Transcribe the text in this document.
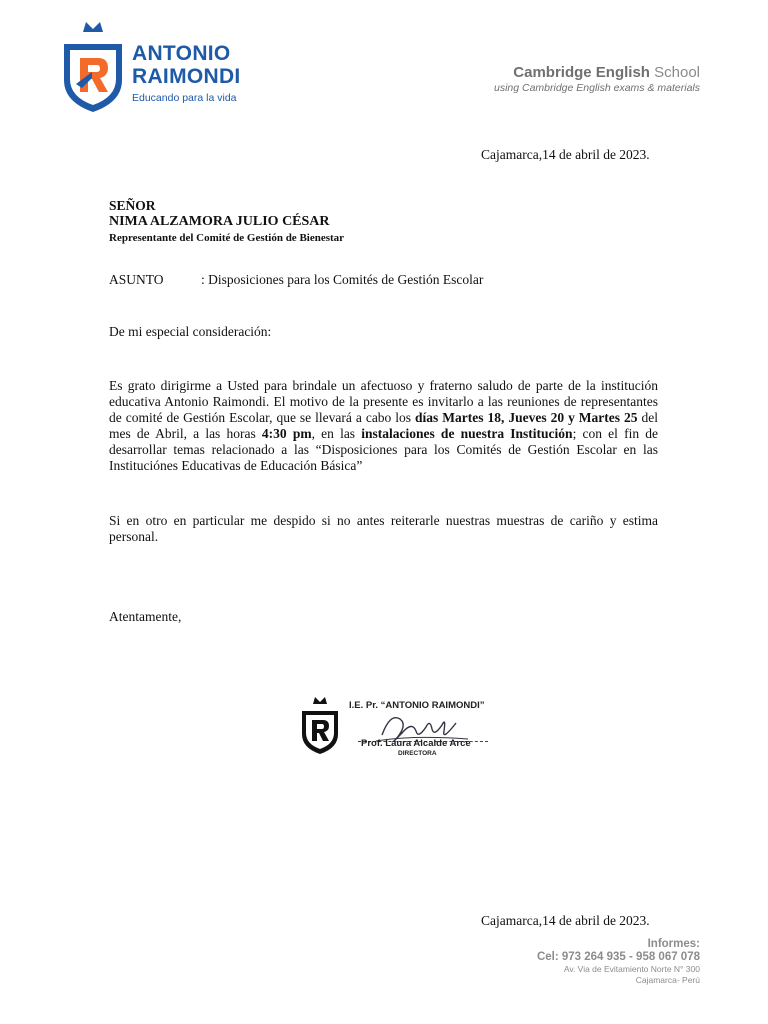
ANTONIO
RAIMONDI
Educando para la vida
Cambridge English School
using Cambridge English exams & materials
Cajamarca,14 de abril de 2023.
SEÑOR
NIMA ALZAMORA JULIO CÉSAR
Representante del Comité de Gestión de Bienestar
ASUNTO	: Disposiciones para los Comités de Gestión Escolar
De mi especial consideración:
Es grato dirigirme a Usted para brindale un afectuoso y fraterno saludo de parte de la institución educativa Antonio Raimondi. El motivo de la presente es invitarlo a las reuniones de representantes de comité de Gestión Escolar, que se llevará a cabo los días Martes 18, Jueves 20 y Martes 25 del mes de Abril, a las horas 4:30 pm, en las instalaciones de nuestra Institución; con el fin de desarrollar temas relacionado a las “Disposiciones para los Comités de Gestión Escolar en las Instituciónes Educativas de Educación Básica”
Si en otro en particular me despido si no antes reiterarle nuestras muestras de cariño y estima personal.
Atentamente,
I.E. Pr. “ANTONIO RAIMONDI”
Prof. Laura Alcalde Arce
DIRECTORA
Cajamarca,14 de abril de 2023.
Informes:
Cel: 973 264 935 - 958 067 078
Av. Via de Evitamiento Norte N° 300
Cajamarca- Perú
